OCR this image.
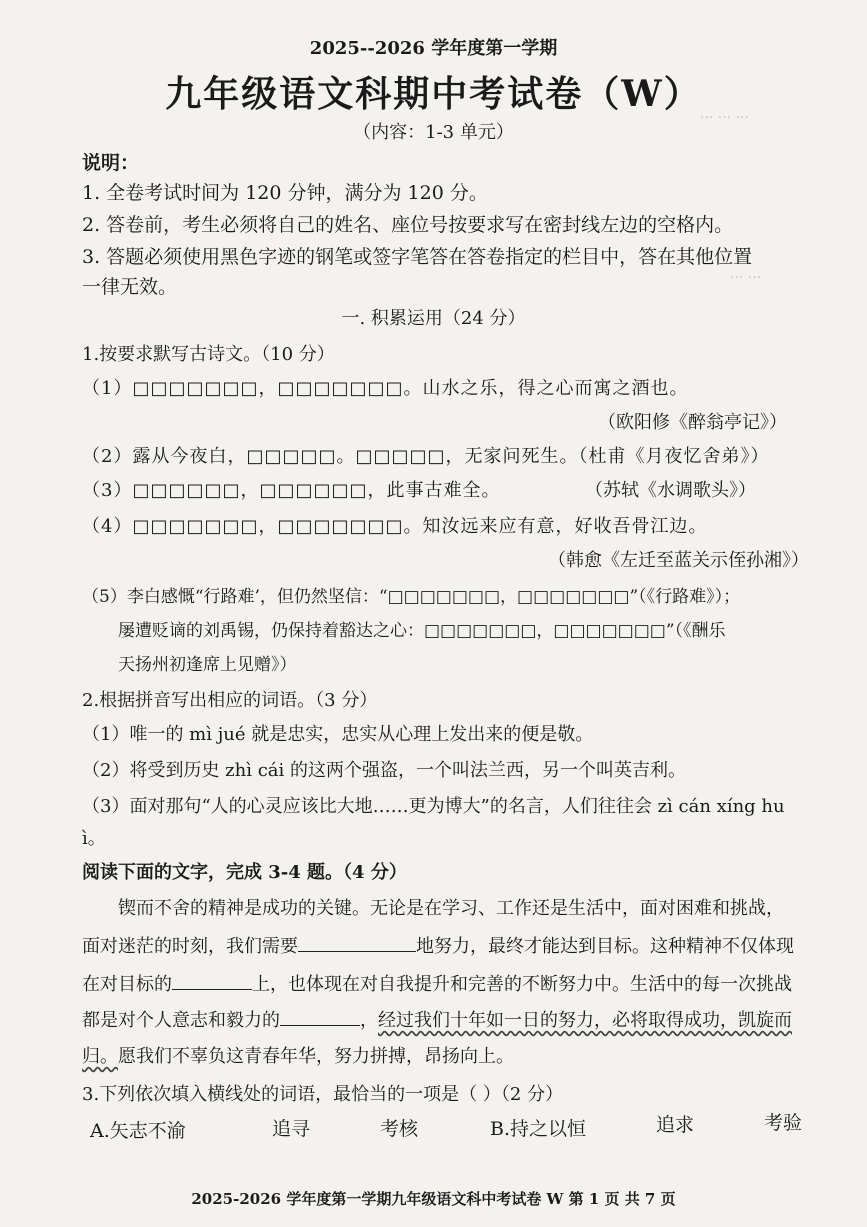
··· ··· ···
··· ···
2025--2026 学年度第一学期
九年级语文科期中考试卷（W）
（内容：1-3 单元）
说明：
1. 全卷考试时间为 120 分钟，满分为 120 分。
2. 答卷前，考生必须将自己的姓名、座位号按要求写在密封线左边的空格内。
3. 答题必须使用黑色字迹的钢笔或签字笔答在答卷指定的栏目中，答在其他位置
一律无效。
一. 积累运用（24 分）
1.按要求默写古诗文。（10 分）
（1）□□□□□□□，□□□□□□□。山水之乐，得之心而寓之酒也。
（欧阳修《醉翁亭记》）
（2）露从今夜白，□□□□□。□□□□□，无家问死生。（杜甫《月夜忆舍弟》）
（3）□□□□□□，□□□□□□，此事古难全。	（苏轼《水调歌头》）
（4）□□□□□□□，□□□□□□□。知汝远来应有意，好收吾骨江边。
（韩愈《左迁至蓝关示侄孙湘》）
（5）李白感慨“行路难’，但仍然坚信：“□□□□□□□，□□□□□□□”（《行路难》）；
屡遭贬谪的刘禹锡，仍保持着豁达之心：□□□□□□□，□□□□□□□”（《酬乐
天扬州初逢席上见赠》）
2.根据拼音写出相应的词语。（3 分）
（1）唯一的 mì jué 就是忠实，忠实从心理上发出来的便是敬。
（2）将受到历史 zhì cái 的这两个强盗，一个叫法兰西，另一个叫英吉利。
（3）面对那句“人的心灵应该比大地……更为博大”的名言，人们往往会 zì cán xíng hu
ì。
阅读下面的文字，完成 3-4 题。（4 分）
锲而不舍的精神是成功的关键。无论是在学习、工作还是生活中，面对困难和挑战，
面对迷茫的时刻，我们需要	地努力，最终才能达到目标。这种精神不仅体现
在对目标的	上，也体现在对自我提升和完善的不断努力中。生活中的每一次挑战
都是对个人意志和毅力的	，经过我们十年如一日的努力，必将取得成功，凯旋而
归。愿我们不辜负这青春年华，努力拼搏，昂扬向上。
3.下列依次填入横线处的词语，最恰当的一项是（ ）（2 分）
A.矢志不渝	追寻	考核	B.持之以恒	追求	考验
2025-2026 学年度第一学期九年级语文科中考试卷 W 第 1 页 共 7 页
